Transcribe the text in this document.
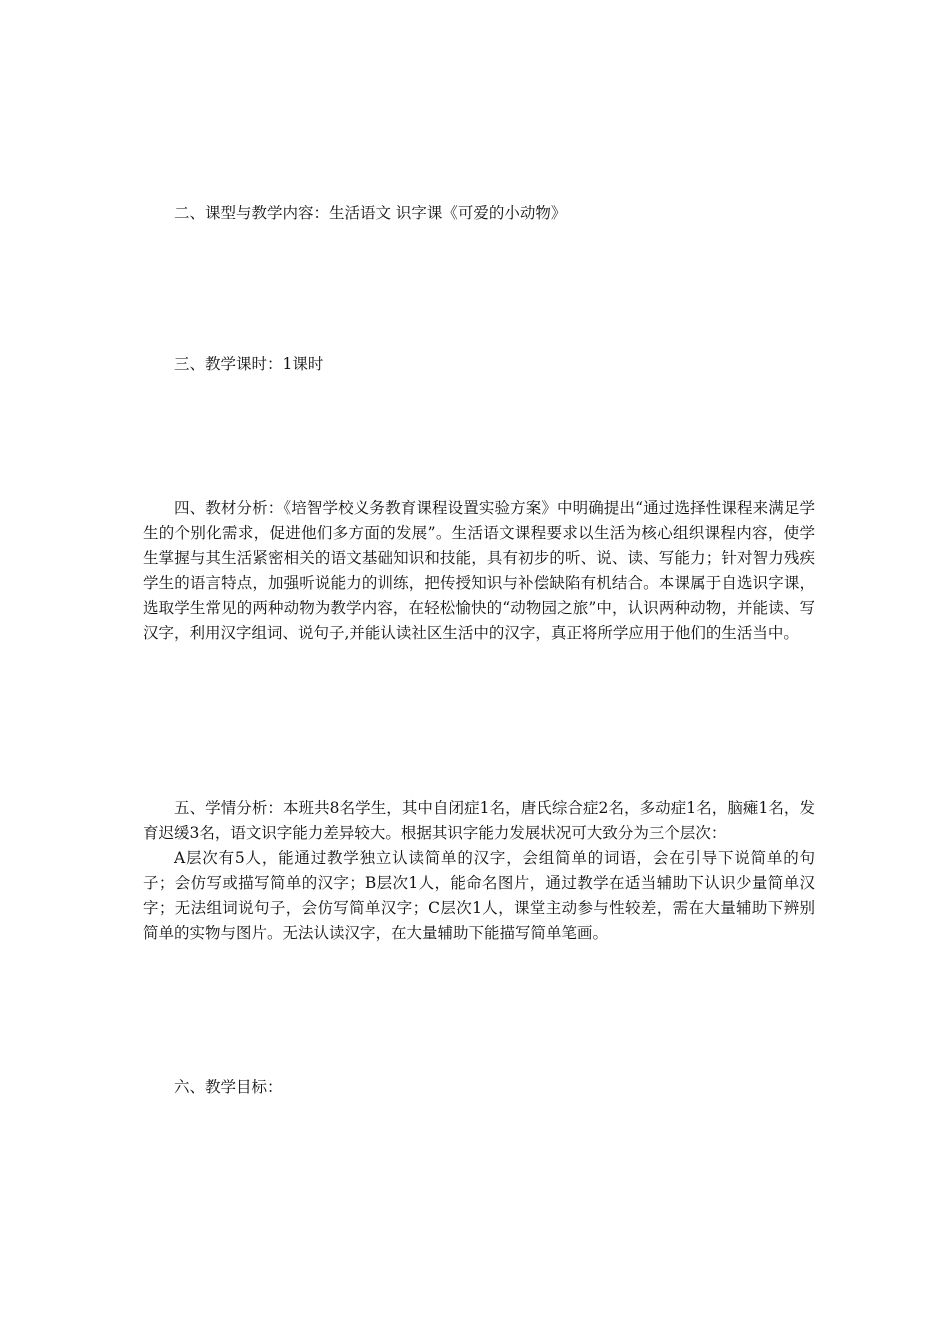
二、课型与教学内容：生活语文 识字课《可爱的小动物》

三、教学课时：1课时

四、教材分析：《培智学校义务教育课程设置实验方案》中明确提出“通过选择性课程来满足学生的个别化需求，促进他们多方面的发展”。生活语文课程要求以生活为核心组织课程内容，使学生掌握与其生活紧密相关的语文基础知识和技能，具有初步的听、说、读、写能力；针对智力残疾学生的语言特点，加强听说能力的训练，把传授知识与补偿缺陷有机结合。本课属于自选识字课，选取学生常见的两种动物为教学内容，在轻松愉快的“动物园之旅”中，认识两种动物，并能读、写汉字，利用汉字组词、说句子,并能认读社区生活中的汉字，真正将所学应用于他们的生活当中。

五、学情分析：本班共8名学生，其中自闭症1名，唐氏综合症2名，多动症1名，脑瘫1名，发育迟缓3名，语文识字能力差异较大。根据其识字能力发展状况可大致分为三个层次：

A层次有5人，能通过教学独立认读简单的汉字，会组简单的词语，会在引导下说简单的句子；会仿写或描写简单的汉字；B层次1人，能命名图片，通过教学在适当辅助下认识少量简单汉字；无法组词说句子，会仿写简单汉字；C层次1人，课堂主动参与性较差，需在大量辅助下辨别简单的实物与图片。无法认读汉字，在大量辅助下能描写简单笔画。

六、教学目标：
